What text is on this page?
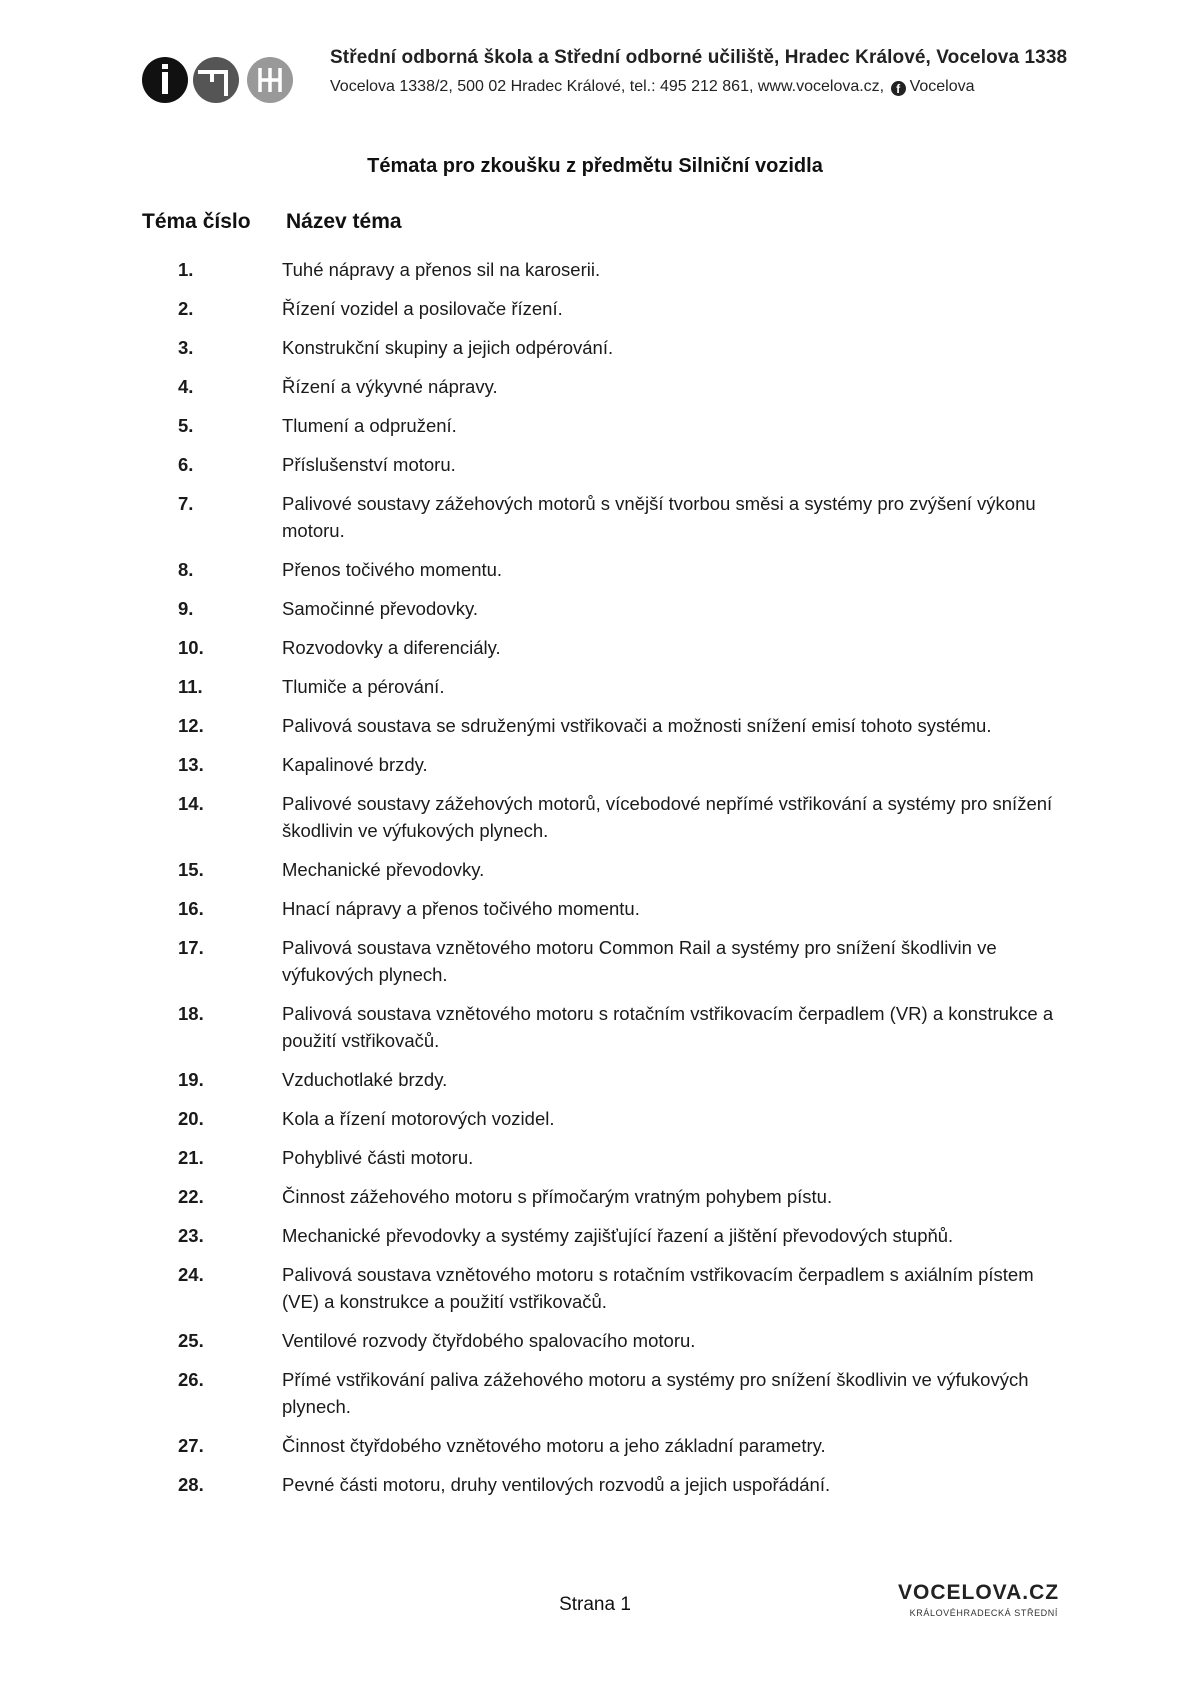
Střední odborná škola a Střední odborné učiliště, Hradec Králové, Vocelova 1338
Vocelova 1338/2, 500 02 Hradec Králové, tel.: 495 212 861, www.vocelova.cz, f Vocelova
Témata pro zkoušku z předmětu Silniční vozidla
Téma číslo Název téma
1.	Tuhé nápravy a přenos sil na karoserii.
2.	Řízení vozidel a posilovače řízení.
3.	Konstrukční skupiny a jejich odpérování.
4.	Řízení a výkyvné nápravy.
5.	Tlumení a odpružení.
6.	Příslušenství motoru.
7.	Palivové soustavy zážehových motorů s vnější tvorbou směsi a systémy pro zvýšení výkonu motoru.
8.	Přenos točivého momentu.
9.	Samočinné převodovky.
10.	Rozvodovky a diferenciály.
11.	Tlumiče a pérování.
12.	Palivová soustava se sdruženými vstřikovači a možnosti snížení emisí tohoto systému.
13.	Kapalinové brzdy.
14.	Palivové soustavy zážehových motorů, vícebodové nepřímé vstřikování a systémy pro snížení škodlivin ve výfukových plynech.
15.	Mechanické převodovky.
16.	Hnací nápravy a přenos točivého momentu.
17.	Palivová soustava vznětového motoru Common Rail a systémy pro snížení škodlivin ve výfukových plynech.
18.	Palivová soustava vznětového motoru s rotačním vstřikovacím čerpadlem (VR) a konstrukce a použití vstřikovačů.
19.	Vzduchotlaké brzdy.
20.	Kola a řízení motorových vozidel.
21.	Pohyblivé části motoru.
22.	Činnost zážehového motoru s přímočarým vratným pohybem pístu.
23.	Mechanické převodovky a systémy zajišťující řazení a jištění převodových stupňů.
24.	Palivová soustava vznětového motoru s rotačním vstřikovacím čerpadlem s axiálním pístem (VE) a konstrukce a použití vstřikovačů.
25.	Ventilové rozvody čtyřdobého spalovacího motoru.
26.	Přímé vstřikování paliva zážehového motoru a systémy pro snížení škodlivin ve výfukových plynech.
27.	Činnost čtyřdobého vznětového motoru a jeho základní parametry.
28.	Pevné části motoru, druhy ventilových rozvodů a jejich uspořádání.
Strana 1
VOCELOVA.CZ
KRÁLOVÉHRADECKÁ STŘEDNÍ
